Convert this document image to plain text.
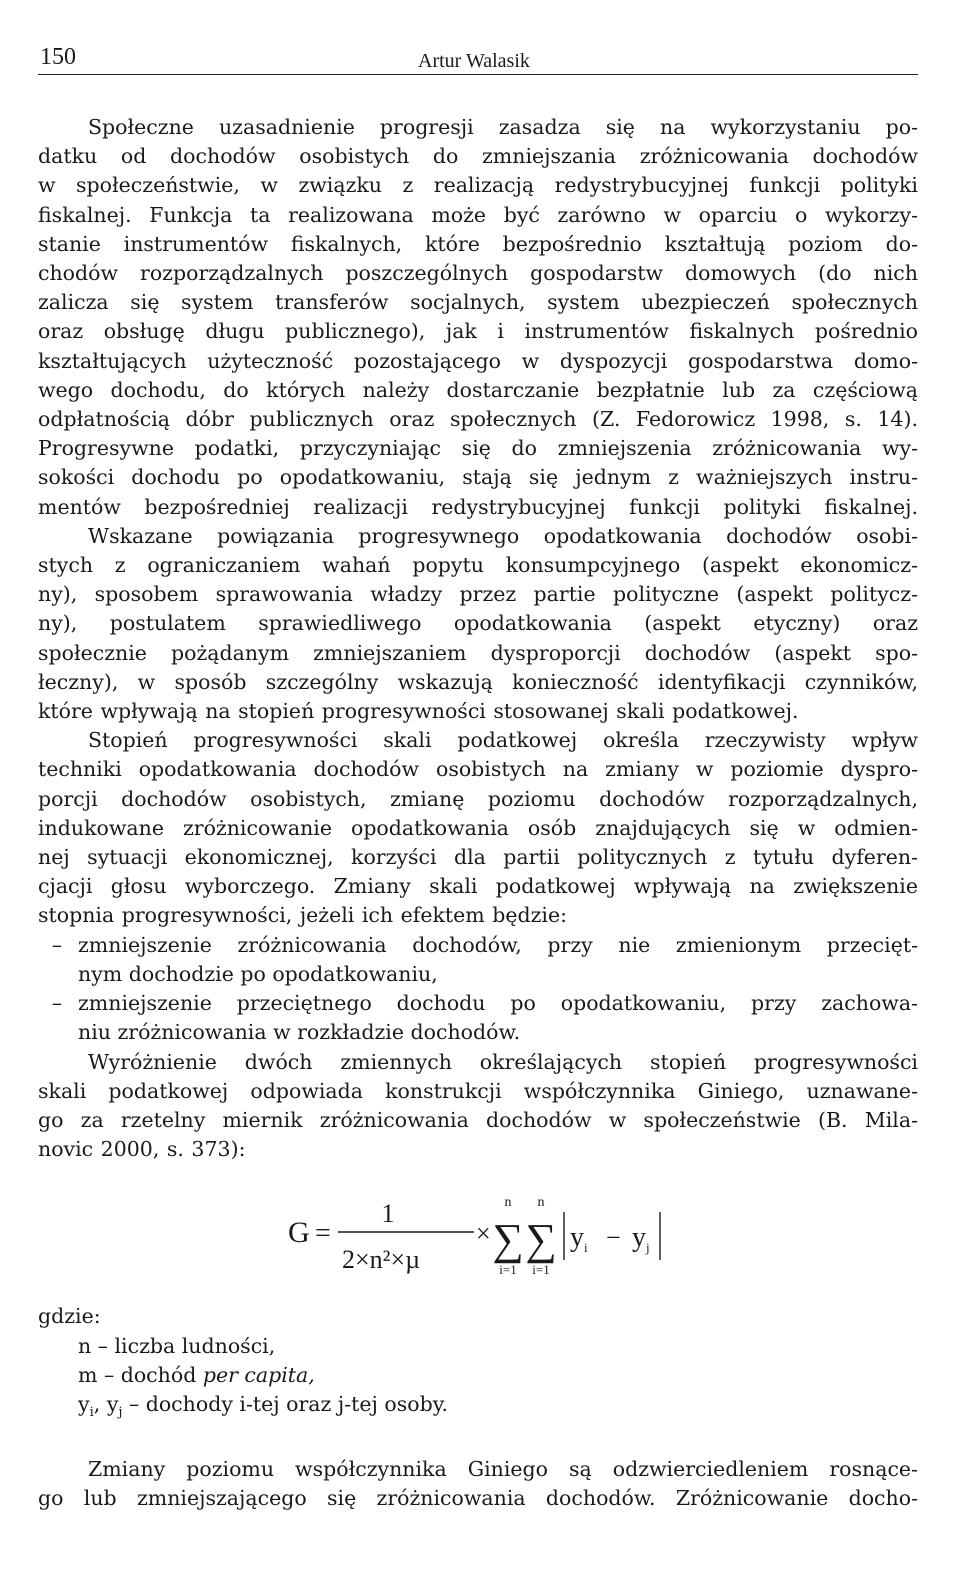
150	Artur Walasik
Społeczne uzasadnienie progresji zasadza się na wykorzystaniu po-
datku od dochodów osobistych do zmniejszania zróżnicowania dochodów
w społeczeństwie, w związku z realizacją redystrybucyjnej funkcji polityki
fiskalnej. Funkcja ta realizowana może być zarówno w oparciu o wykorzy-
stanie instrumentów fiskalnych, które bezpośrednio kształtują poziom do-
chodów rozporządzalnych poszczególnych gospodarstw domowych (do nich
zalicza się system transferów socjalnych, system ubezpieczeń społecznych
oraz obsługę długu publicznego), jak i instrumentów fiskalnych pośrednio
kształtujących użyteczność pozostającego w dyspozycji gospodarstwa domo-
wego dochodu, do których należy dostarczanie bezpłatnie lub za częściową
odpłatnością dóbr publicznych oraz społecznych (Z. Fedorowicz 1998, s. 14).
Progresywne podatki, przyczyniając się do zmniejszenia zróżnicowania wy-
sokości dochodu po opodatkowaniu, stają się jednym z ważniejszych instru-
mentów bezpośredniej realizacji redystrybucyjnej funkcji polityki fiskalnej.
Wskazane powiązania progresywnego opodatkowania dochodów osobi-
stych z ograniczaniem wahań popytu konsumpcyjnego (aspekt ekonomicz-
ny), sposobem sprawowania władzy przez partie polityczne (aspekt politycz-
ny), postulatem sprawiedliwego opodatkowania (aspekt etyczny) oraz
społecznie pożądanym zmniejszaniem dysproporcji dochodów (aspekt spo-
łeczny), w sposób szczególny wskazują konieczność identyfikacji czynników,
które wpływają na stopień progresywności stosowanej skali podatkowej.
Stopień progresywności skali podatkowej określa rzeczywisty wpływ
techniki opodatkowania dochodów osobistych na zmiany w poziomie dyspro-
porcji dochodów osobistych, zmianę poziomu dochodów rozporządzalnych,
indukowane zróżnicowanie opodatkowania osób znajdujących się w odmien-
nej sytuacji ekonomicznej, korzyści dla partii politycznych z tytułu dyferen-
cjacji głosu wyborczego. Zmiany skali podatkowej wpływają na zwiększenie
stopnia progresywności, jeżeli ich efektem będzie:
– zmniejszenie zróżnicowania dochodów, przy nie zmienionym przecięt-
nym dochodzie po opodatkowaniu,
– zmniejszenie przeciętnego dochodu po opodatkowaniu, przy zachowa-
niu zróżnicowania w rozkładzie dochodów.
Wyróżnienie dwóch zmiennych określających stopień progresywności
skali podatkowej odpowiada konstrukcji współczynnika Giniego, uznawane-
go za rzetelny miernik zróżnicowania dochodów w społeczeństwie (B. Mila-
novic 2000, s. 373):
G =
1
2×n²×µ
×
n
∑
i=1
n
∑
i=1
y i − y j
gdzie:
n – liczba ludności,
m – dochód per capita,
$y_i$, $y_j$ – dochody i-tej oraz j-tej osoby.
Zmiany poziomu współczynnika Giniego są odzwierciedleniem rosnące-
go lub zmniejszającego się zróżnicowania dochodów. Zróżnicowanie docho-
